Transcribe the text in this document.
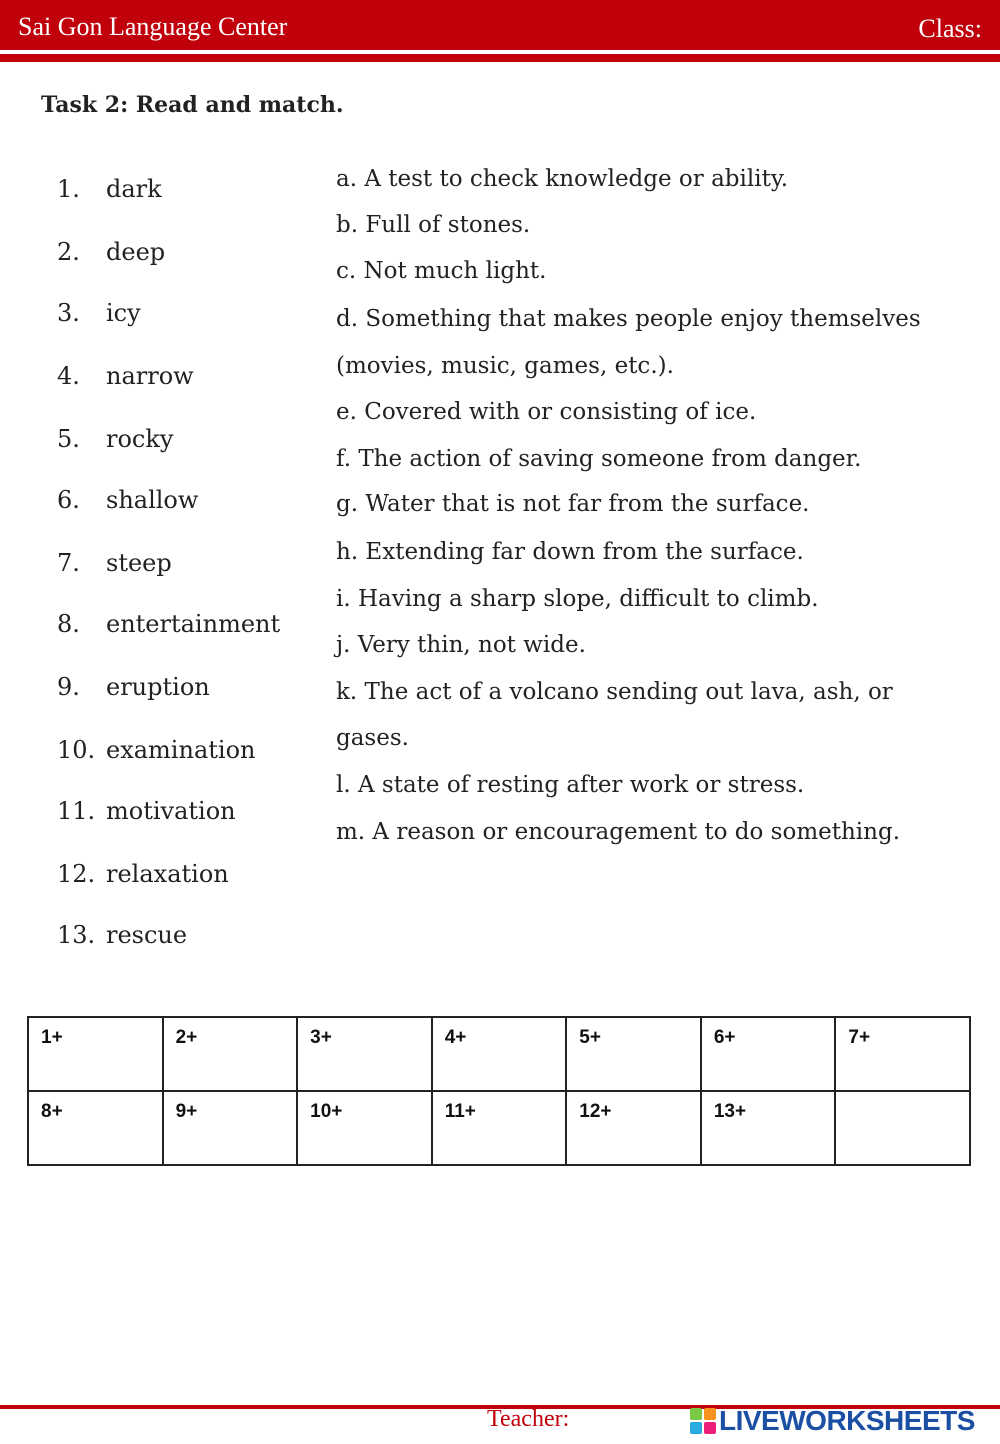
Sai Gon Language Center	Class:
Task 2: Read and match.
1. dark
2. deep
3. icy
4. narrow
5. rocky
6. shallow
7. steep
8. entertainment
9. eruption
10. examination
11. motivation
12. relaxation
13. rescue
a. A test to check knowledge or ability.
b. Full of stones.
c. Not much light.
d. Something that makes people enjoy themselves
(movies, music, games, etc.).
e. Covered with or consisting of ice.
f. The action of saving someone from danger.
g. Water that is not far from the surface.
h. Extending far down from the surface.
i. Having a sharp slope, difficult to climb.
j. Very thin, not wide.
k. The act of a volcano sending out lava, ash, or
gases.
l. A state of resting after work or stress.
m. A reason or encouragement to do something.
1+	2+	3+	4+	5+	6+	7+
8+	9+	10+	11+	12+	13+	
Teacher:	LIVEWORKSHEETS
